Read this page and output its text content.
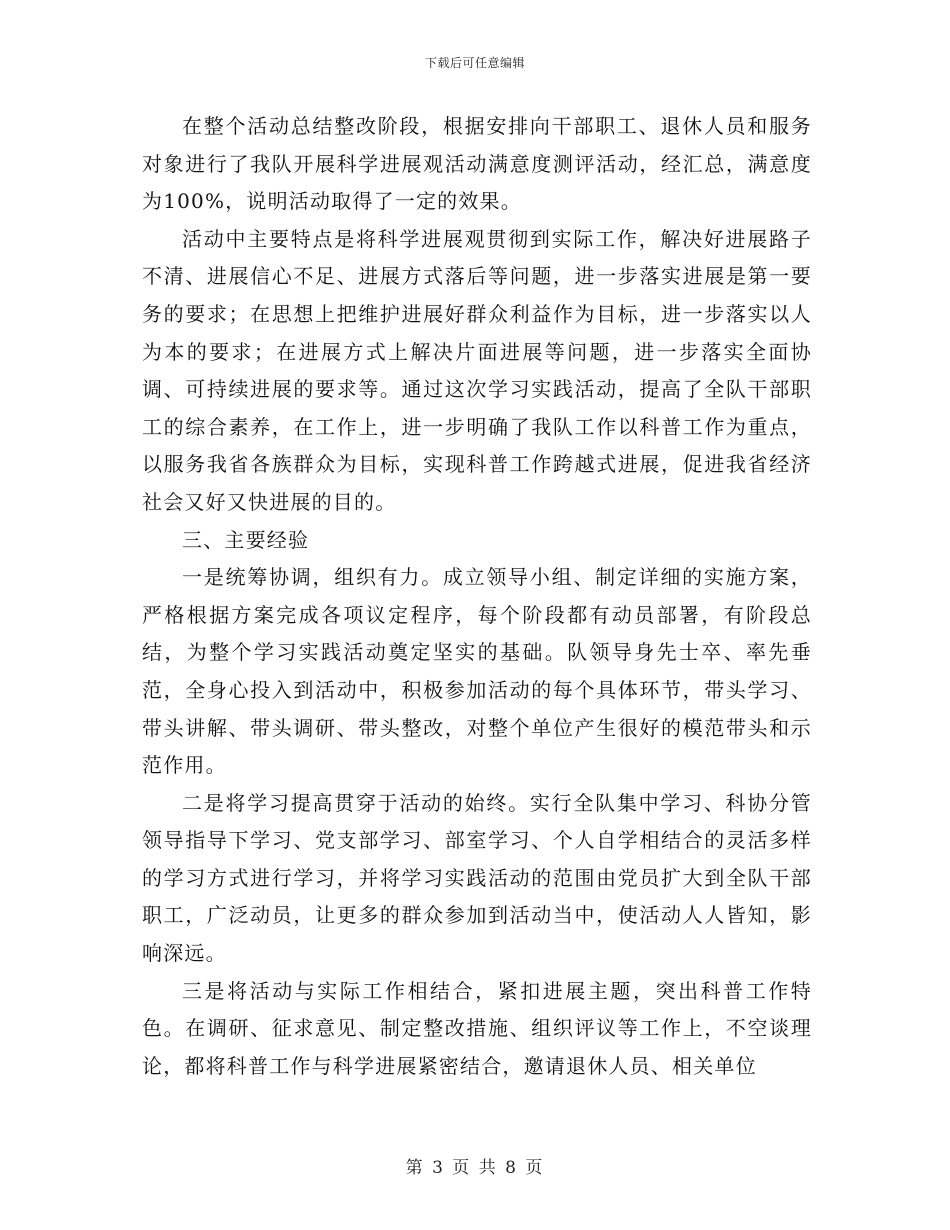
下载后可任意编辑

在整个活动总结整改阶段，根据安排向干部职工、退休人员和服务对象进行了我队开展科学进展观活动满意度测评活动，经汇总，满意度为100%，说明活动取得了一定的效果。

活动中主要特点是将科学进展观贯彻到实际工作，解决好进展路子不清、进展信心不足、进展方式落后等问题，进一步落实进展是第一要务的要求；在思想上把维护进展好群众利益作为目标，进一步落实以人为本的要求；在进展方式上解决片面进展等问题，进一步落实全面协调、可持续进展的要求等。通过这次学习实践活动，提高了全队干部职工的综合素养，在工作上，进一步明确了我队工作以科普工作为重点，以服务我省各族群众为目标，实现科普工作跨越式进展，促进我省经济社会又好又快进展的目的。

三、主要经验

一是统筹协调，组织有力。成立领导小组、制定详细的实施方案，严格根据方案完成各项议定程序，每个阶段都有动员部署，有阶段总结，为整个学习实践活动奠定坚实的基础。队领导身先士卒、率先垂范，全身心投入到活动中，积极参加活动的每个具体环节，带头学习、带头讲解、带头调研、带头整改，对整个单位产生很好的模范带头和示范作用。

二是将学习提高贯穿于活动的始终。实行全队集中学习、科协分管领导指导下学习、党支部学习、部室学习、个人自学相结合的灵活多样的学习方式进行学习，并将学习实践活动的范围由党员扩大到全队干部职工，广泛动员，让更多的群众参加到活动当中，使活动人人皆知，影响深远。

三是将活动与实际工作相结合，紧扣进展主题，突出科普工作特色。在调研、征求意见、制定整改措施、组织评议等工作上，不空谈理论，都将科普工作与科学进展紧密结合，邀请退休人员、相关单位

第 3 页 共 8 页
